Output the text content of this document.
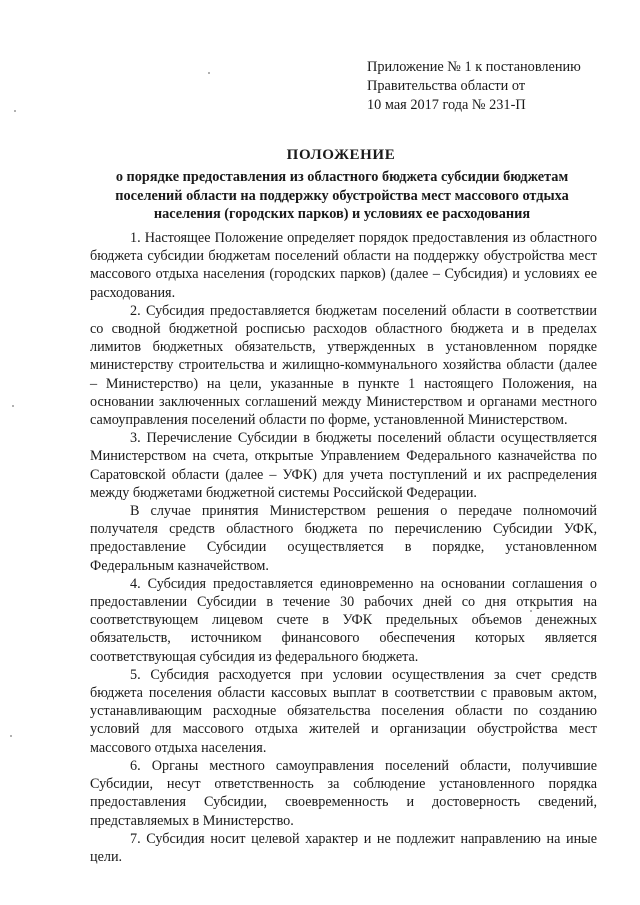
Приложение № 1 к постановлению
Правительства области от
10 мая 2017 года № 231-П
ПОЛОЖЕНИЕ
о порядке предоставления из областного бюджета субсидии бюджетам поселений области на поддержку обустройства мест массового отдыха населения (городских парков) и условиях ее расходования

1. Настоящее Положение определяет порядок предоставления из областного бюджета субсидии бюджетам поселений области на поддержку обустройства мест массового отдыха населения (городских парков) (далее – Субсидия) и условиях ее расходования.

2. Субсидия предоставляется бюджетам поселений области в соответствии со сводной бюджетной росписью расходов областного бюджета и в пределах лимитов бюджетных обязательств, утвержденных в установленном порядке министерству строительства и жилищно-коммунального хозяйства области (далее – Министерство) на цели, указанные в пункте 1 настоящего Положения, на основании заключенных соглашений между Министерством и органами местного самоуправления поселений области по форме, установленной Министерством.

3. Перечисление Субсидии в бюджеты поселений области осуществляется Министерством на счета, открытые Управлением Федерального казначейства по Саратовской области (далее – УФК) для учета поступлений и их распределения между бюджетами бюджетной системы Российской Федерации.

В случае принятия Министерством решения о передаче полномочий получателя средств областного бюджета по перечислению Субсидии УФК, предоставление Субсидии осуществляется в порядке, установленном Федеральным казначейством.

4. Субсидия предоставляется единовременно на основании соглашения о предоставлении Субсидии в течение 30 рабочих дней со дня открытия на соответствующем лицевом счете в УФК предельных объемов денежных обязательств, источником финансового обеспечения которых является соответствующая субсидия из федерального бюджета.

5. Субсидия расходуется при условии осуществления за счет средств бюджета поселения области кассовых выплат в соответствии с правовым актом, устанавливающим расходные обязательства поселения области по созданию условий для массового отдыха жителей и организации обустройства мест массового отдыха населения.

6. Органы местного самоуправления поселений области, получившие Субсидии, несут ответственность за соблюдение установленного порядка предоставления Субсидии, своевременность и достоверность сведений, представляемых в Министерство.

7. Субсидия носит целевой характер и не подлежит направлению на иные цели.
